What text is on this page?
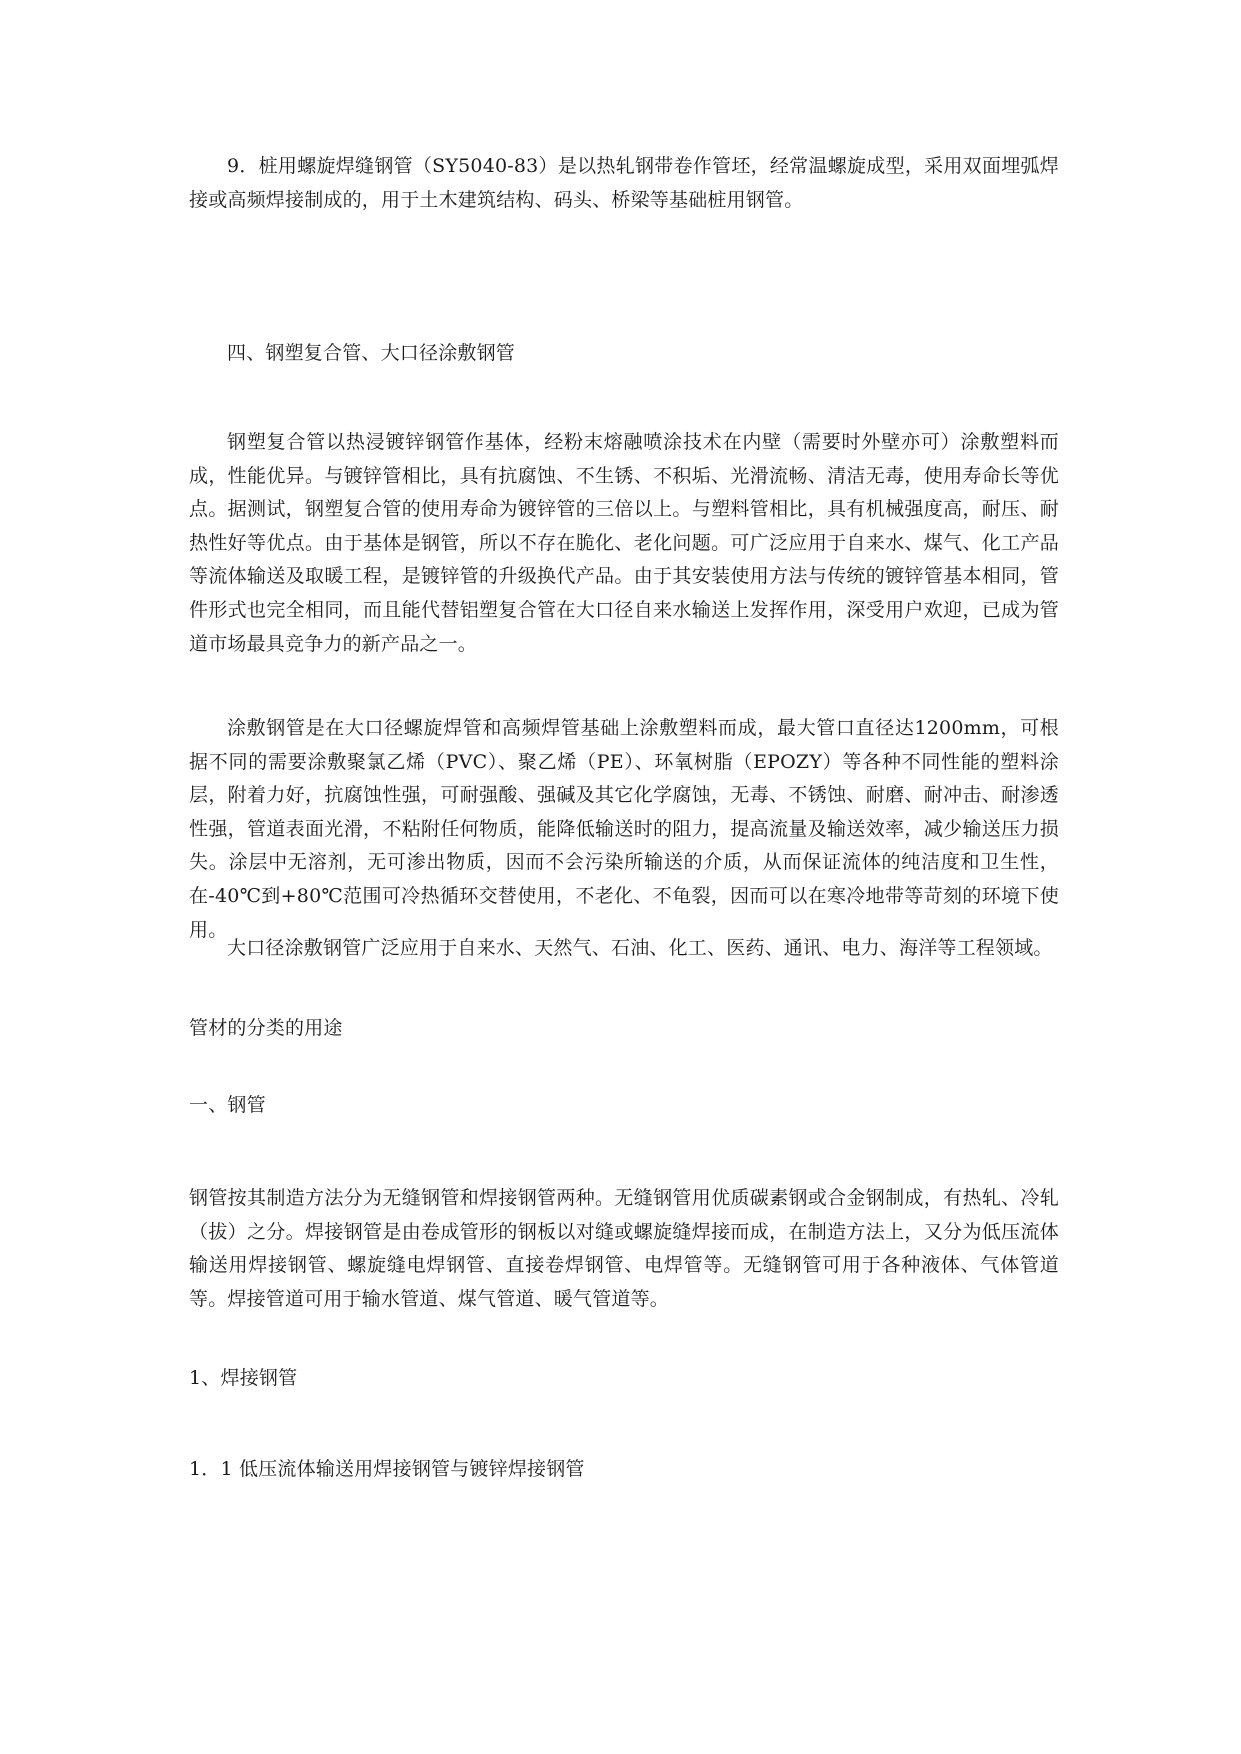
9．桩用螺旋焊缝钢管（SY5040-83）是以热轧钢带卷作管坯，经常温螺旋成型，采用双面埋弧焊接或高频焊接制成的，用于土木建筑结构、码头、桥梁等基础桩用钢管。

四、钢塑复合管、大口径涂敷钢管

钢塑复合管以热浸镀锌钢管作基体，经粉末熔融喷涂技术在内壁（需要时外壁亦可）涂敷塑料而成，性能优异。与镀锌管相比，具有抗腐蚀、不生锈、不积垢、光滑流畅、清洁无毒，使用寿命长等优点。据测试，钢塑复合管的使用寿命为镀锌管的三倍以上。与塑料管相比，具有机械强度高，耐压、耐热性好等优点。由于基体是钢管，所以不存在脆化、老化问题。可广泛应用于自来水、煤气、化工产品等流体输送及取暖工程，是镀锌管的升级换代产品。由于其安装使用方法与传统的镀锌管基本相同，管件形式也完全相同，而且能代替铝塑复合管在大口径自来水输送上发挥作用，深受用户欢迎，已成为管道市场最具竞争力的新产品之一。

涂敷钢管是在大口径螺旋焊管和高频焊管基础上涂敷塑料而成，最大管口直径达1200mm，可根据不同的需要涂敷聚氯乙烯（PVC）、聚乙烯（PE）、环氧树脂（EPOZY）等各种不同性能的塑料涂层，附着力好，抗腐蚀性强，可耐强酸、强碱及其它化学腐蚀，无毒、不锈蚀、耐磨、耐冲击、耐渗透性强，管道表面光滑，不粘附任何物质，能降低输送时的阻力，提高流量及输送效率，减少输送压力损失。涂层中无溶剂，无可渗出物质，因而不会污染所输送的介质，从而保证流体的纯洁度和卫生性，在-40℃到+80℃范围可冷热循环交替使用，不老化、不龟裂，因而可以在寒冷地带等苛刻的环境下使用。

大口径涂敷钢管广泛应用于自来水、天然气、石油、化工、医药、通讯、电力、海洋等工程领域。

管材的分类的用途

一、钢管

钢管按其制造方法分为无缝钢管和焊接钢管两种。无缝钢管用优质碳素钢或合金钢制成，有热轧、冷轧（拔）之分。焊接钢管是由卷成管形的钢板以对缝或螺旋缝焊接而成，在制造方法上，又分为低压流体输送用焊接钢管、螺旋缝电焊钢管、直接卷焊钢管、电焊管等。无缝钢管可用于各种液体、气体管道等。焊接管道可用于输水管道、煤气管道、暖气管道等。

1、焊接钢管

1．1 低压流体输送用焊接钢管与镀锌焊接钢管
